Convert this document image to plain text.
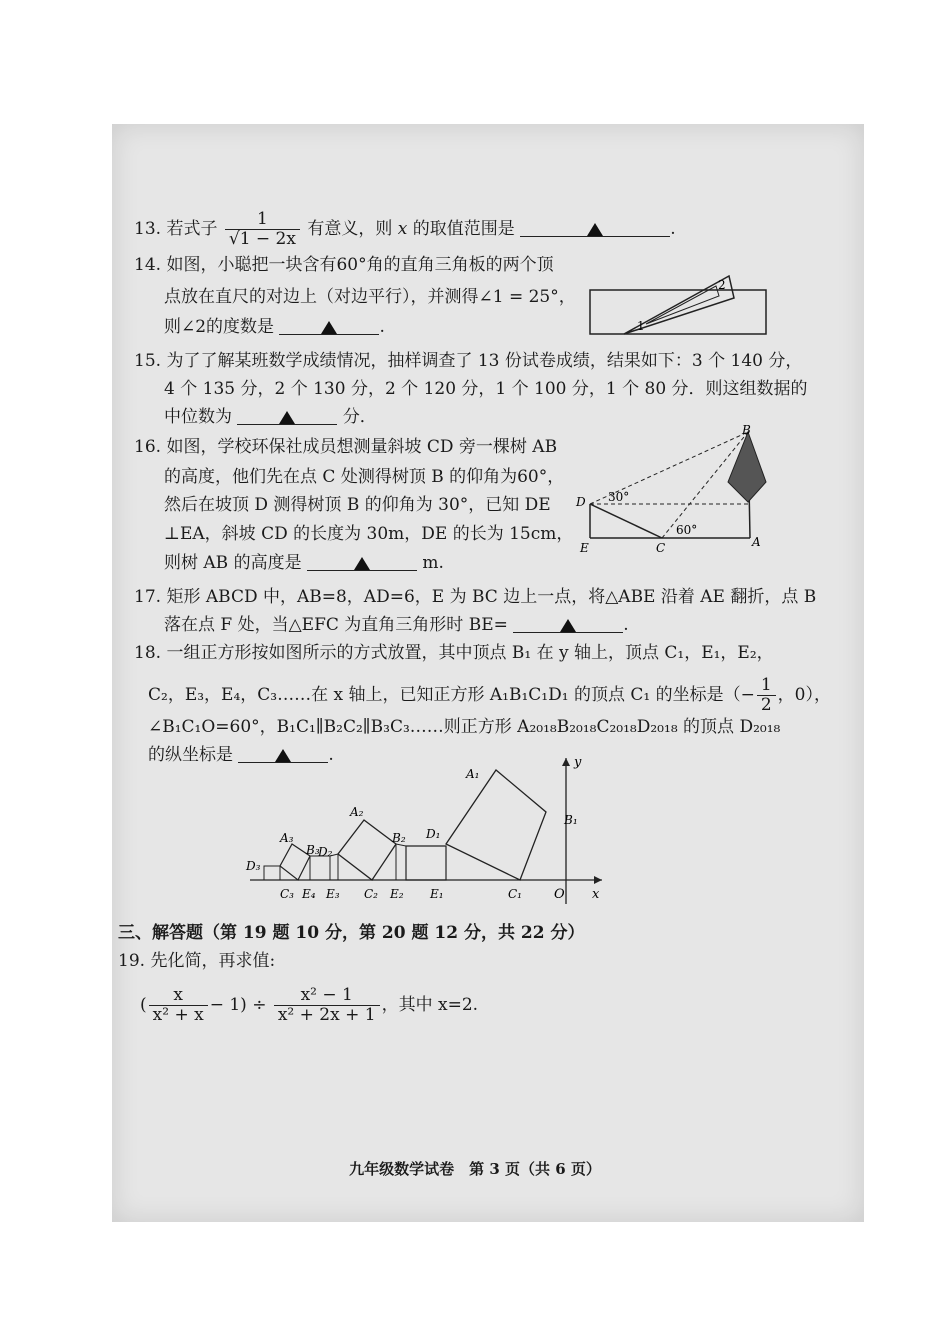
13. 若式子 $\frac{1}{√1 - 2x}$ 有意义，则 x 的取值范围是	.
14. 如图，小聪把一块含有60°角的直角三角板的两个顶
点放在直尺的对边上（对边平行），并测得∠1 = 25°，
则∠2的度数是	.	1
2
15. 为了了解某班数学成绩情况，抽样调查了 13 份试卷成绩，结果如下：3 个 140 分，
4 个 135 分，2 个 130 分，2 个 120 分，1 个 100 分，1 个 80 分．则这组数据的
中位数为	分．
16. 如图，学校环保社成员想测量斜坡 CD 旁一棵树 AB
的高度，他们先在点 C 处测得树顶 B 的仰角为60°，
然后在坡顶 D 测得树顶 B 的仰角为 30°，已知 DE
⊥EA，斜坡 CD 的长度为 30m，DE 的长为 15cm，
则树 AB 的高度是	m.
B
D
E	C	A
30°
60°
17. 矩形 ABCD 中，AB=8，AD=6，E 为 BC 边上一点，将△ABE 沿着 AE 翻折，点 B
落在点 F 处，当△EFC 为直角三角形时 BE=	.
18. 一组正方形按如图所示的方式放置，其中顶点 B₁ 在 y 轴上，顶点 C₁，E₁，E₂，
C₂，E₃，E₄，C₃……在 x 轴上，已知正方形 A₁B₁C₁D₁ 的顶点 C₁ 的坐标是（− $\frac{1}{2}$ ，0），
∠B₁C₁O=60°，B₁C₁∥B₂C₂∥B₃C₃……则正方形 A₂₀₁₈B₂₀₁₈C₂₀₁₈D₂₀₁₈ 的顶点 D₂₀₁₈
的纵坐标是	.	y
x
O
A₁
B₁
C₁
D₁
A₂
B₂
C₂
D₂
A₃
B₃
C₃
D₃
E₁
E₂
E₃
E₄
三、解答题（第 19 题 10 分，第 20 题 12 分，共 22 分）
19. 先化简，再求值:
( $\frac{x}{\text{x² + x}} - 1) \div \frac{\text{x² − 1}}{\text{x² + 2x + 1}}$ ，其中 x=2.
九年级数学试卷　第 3 页（共 6 页）
